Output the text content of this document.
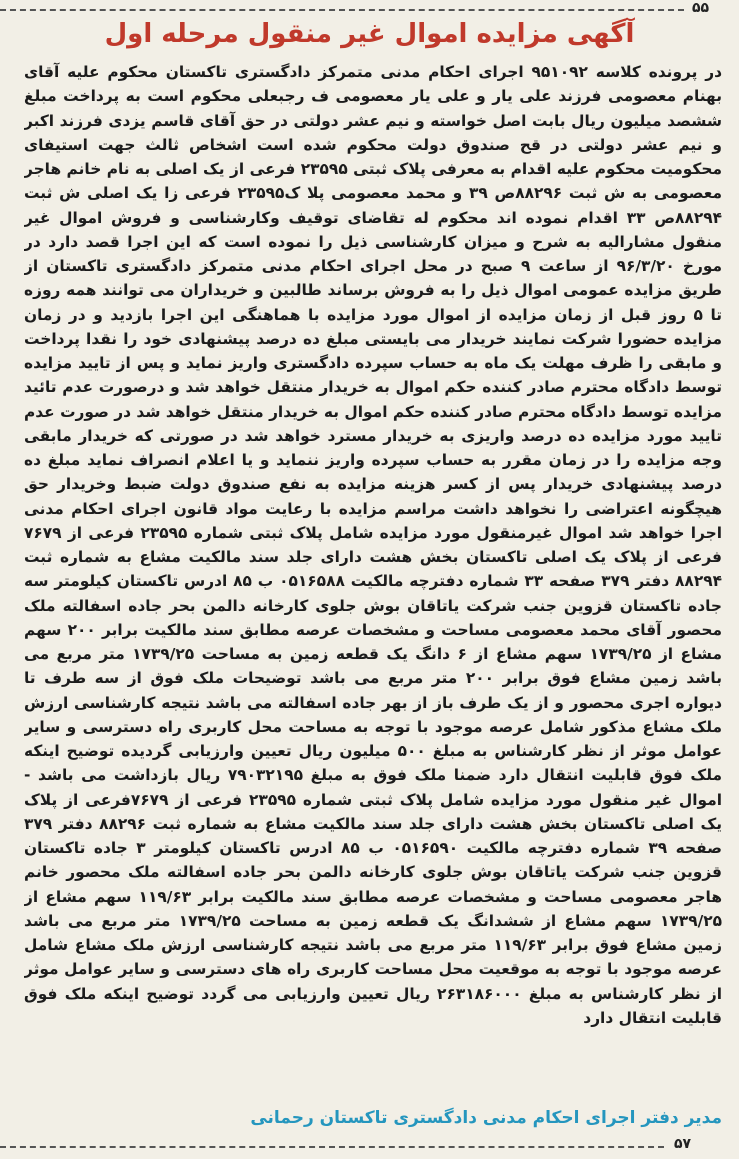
۵۵
آگهی مزایده اموال غیر منقول مرحله اول
در پرونده کلاسه ۹۵۱۰۹۲ اجرای احکام مدنی متمرکز دادگستری تاکستان محکوم علیه آقای بهنام معصومی فرزند علی یار و علی یار معصومی ف رجبعلی محکوم است به پرداخت مبلغ ششصد میلیون ریال بابت اصل خواسته و نیم عشر دولتی در حق آقای قاسم یزدی فرزند اکبر و نیم عشر دولتی در قح صندوق دولت محکوم شده است اشخاص ثالث جهت استیفای محکومیت محکوم علیه اقدام به معرفی پلاک ثبتی ۲۳۵۹۵ فرعی از یک اصلی به نام خانم هاجر معصومی به ش ثبت ۸۸۲۹۶ص ۳۹ و محمد معصومی پلا ک۲۳۵۹۵ فرعی زا یک اصلی ش ثبت ۸۸۲۹۴ص ۳۳ اقدام نموده اند محکوم له تقاضای توقیف وکارشناسی و فروش اموال غیر منقول مشارالیه به شرح و میزان کارشناسی ذیل را نموده است که این اجرا قصد دارد در مورخ ۹۶/۳/۲۰ از ساعت ۹ صبح در محل اجرای احکام مدنی متمرکز دادگستری تاکستان از طریق مزایده عمومی اموال ذیل را به فروش برساند طالبین و خریداران می توانند همه روزه تا ۵ روز قبل از زمان مزایده از اموال مورد مزایده با هماهنگی این اجرا بازدید و در زمان مزایده حضورا شرکت نمایند خریدار می بایستی مبلغ ده درصد پیشنهادی خود را نقدا پرداخت و مابقی را ظرف مهلت یک ماه به حساب سپرده دادگستری واریز نماید و پس از تایید مزایده توسط دادگاه محترم صادر کننده حکم اموال به خریدار منتقل خواهد شد و درصورت عدم تائید مزایده توسط دادگاه محترم صادر کننده حکم اموال به خریدار منتقل خواهد شد در صورت عدم تایید مورد مزایده ده درصد واریزی به خریدار مسترد خواهد شد در صورتی که خریدار مابقی وجه مزایده را در زمان مقرر به حساب سپرده واریز ننماید و یا اعلام انصراف نماید مبلغ ده درصد پیشنهادی خریدار پس از کسر هزینه مزایده به نفع صندوق دولت ضبط وخریدار حق هیچگونه اعتراضی را نخواهد داشت مراسم مزایده با رعایت مواد قانون اجرای احکام مدنی اجرا خواهد شد اموال غیرمنقول مورد مزایده شامل پلاک ثبتی شماره ۲۳۵۹۵ فرعی از ۷۶۷۹ فرعی از پلاک یک اصلی تاکستان بخش هشت دارای جلد سند مالکیت مشاع به شماره ثبت ۸۸۲۹۴ دفتر ۳۷۹ صفحه ۳۳ شماره دفترچه مالکیت ۰۵۱۶۵۸۸ ب ۸۵ ادرس تاکستان کیلومتر سه جاده تاکستان قزوین جنب شرکت یاتاقان بوش جلوی کارخانه دالمن بحر جاده اسفالته ملک محصور آقای محمد معصومی مساحت و مشخصات عرصه مطابق سند مالکیت برابر ۲۰۰ سهم مشاع از ۱۷۳۹/۲۵ سهم مشاع از ۶ دانگ یک قطعه زمین به مساحت ۱۷۳۹/۲۵ متر مربع می باشد زمین مشاع فوق برابر ۲۰۰ متر مربع می باشد توضیحات ملک فوق از سه طرف تا دیواره اجری محصور و از یک طرف باز از بهر جاده اسفالته می باشد نتیجه کارشناسی ارزش ملک مشاع مذکور شامل عرصه موجود با توجه به مساحت محل کاربری راه دسترسی و سایر عوامل موثر از نظر کارشناس به مبلغ ۵۰۰ میلیون ریال تعیین وارزیابی گردیده توضیح اینکه ملک فوق قابلیت انتقال دارد ضمنا ملک فوق به مبلغ ۷۹۰۳۲۱۹۵ ریال بازداشت می باشد - اموال غیر منقول مورد مزایده شامل پلاک ثبتی شماره ۲۳۵۹۵ فرعی از ۷۶۷۹فرعی از پلاک یک اصلی تاکستان بخش هشت دارای جلد سند مالکیت مشاع به شماره ثبت ۸۸۲۹۶ دفتر ۳۷۹ صفحه ۳۹ شماره دفترچه مالکیت ۰۵۱۶۵۹۰ ب ۸۵ ادرس تاکستان کیلومتر ۳ جاده تاکستان قزوین جنب شرکت یاتاقان بوش جلوی کارخانه دالمن بحر جاده اسفالته ملک محصور خانم هاجر معصومی مساحت و مشخصات عرصه مطابق سند مالکیت برابر ۱۱۹/۶۳ سهم مشاع از ۱۷۳۹/۲۵ سهم مشاع از ششدانگ یک قطعه زمین به مساحت ۱۷۳۹/۲۵ متر مربع می باشد زمین مشاع فوق برابر ۱۱۹/۶۳ متر مربع می باشد نتیجه کارشناسی ارزش ملک مشاع شامل عرصه موجود با توجه به موقعیت محل مساحت کاربری راه های دسترسی و سایر عوامل موثر از نظر کارشناس به مبلغ ۲۶۳۱۸۶۰۰۰ ریال تعیین وارزیابی می گردد توضیح اینکه ملک فوق قابلیت انتقال دارد
مدیر دفتر اجرای احکام مدنی دادگستری تاکستان رحمانی
۵۷
